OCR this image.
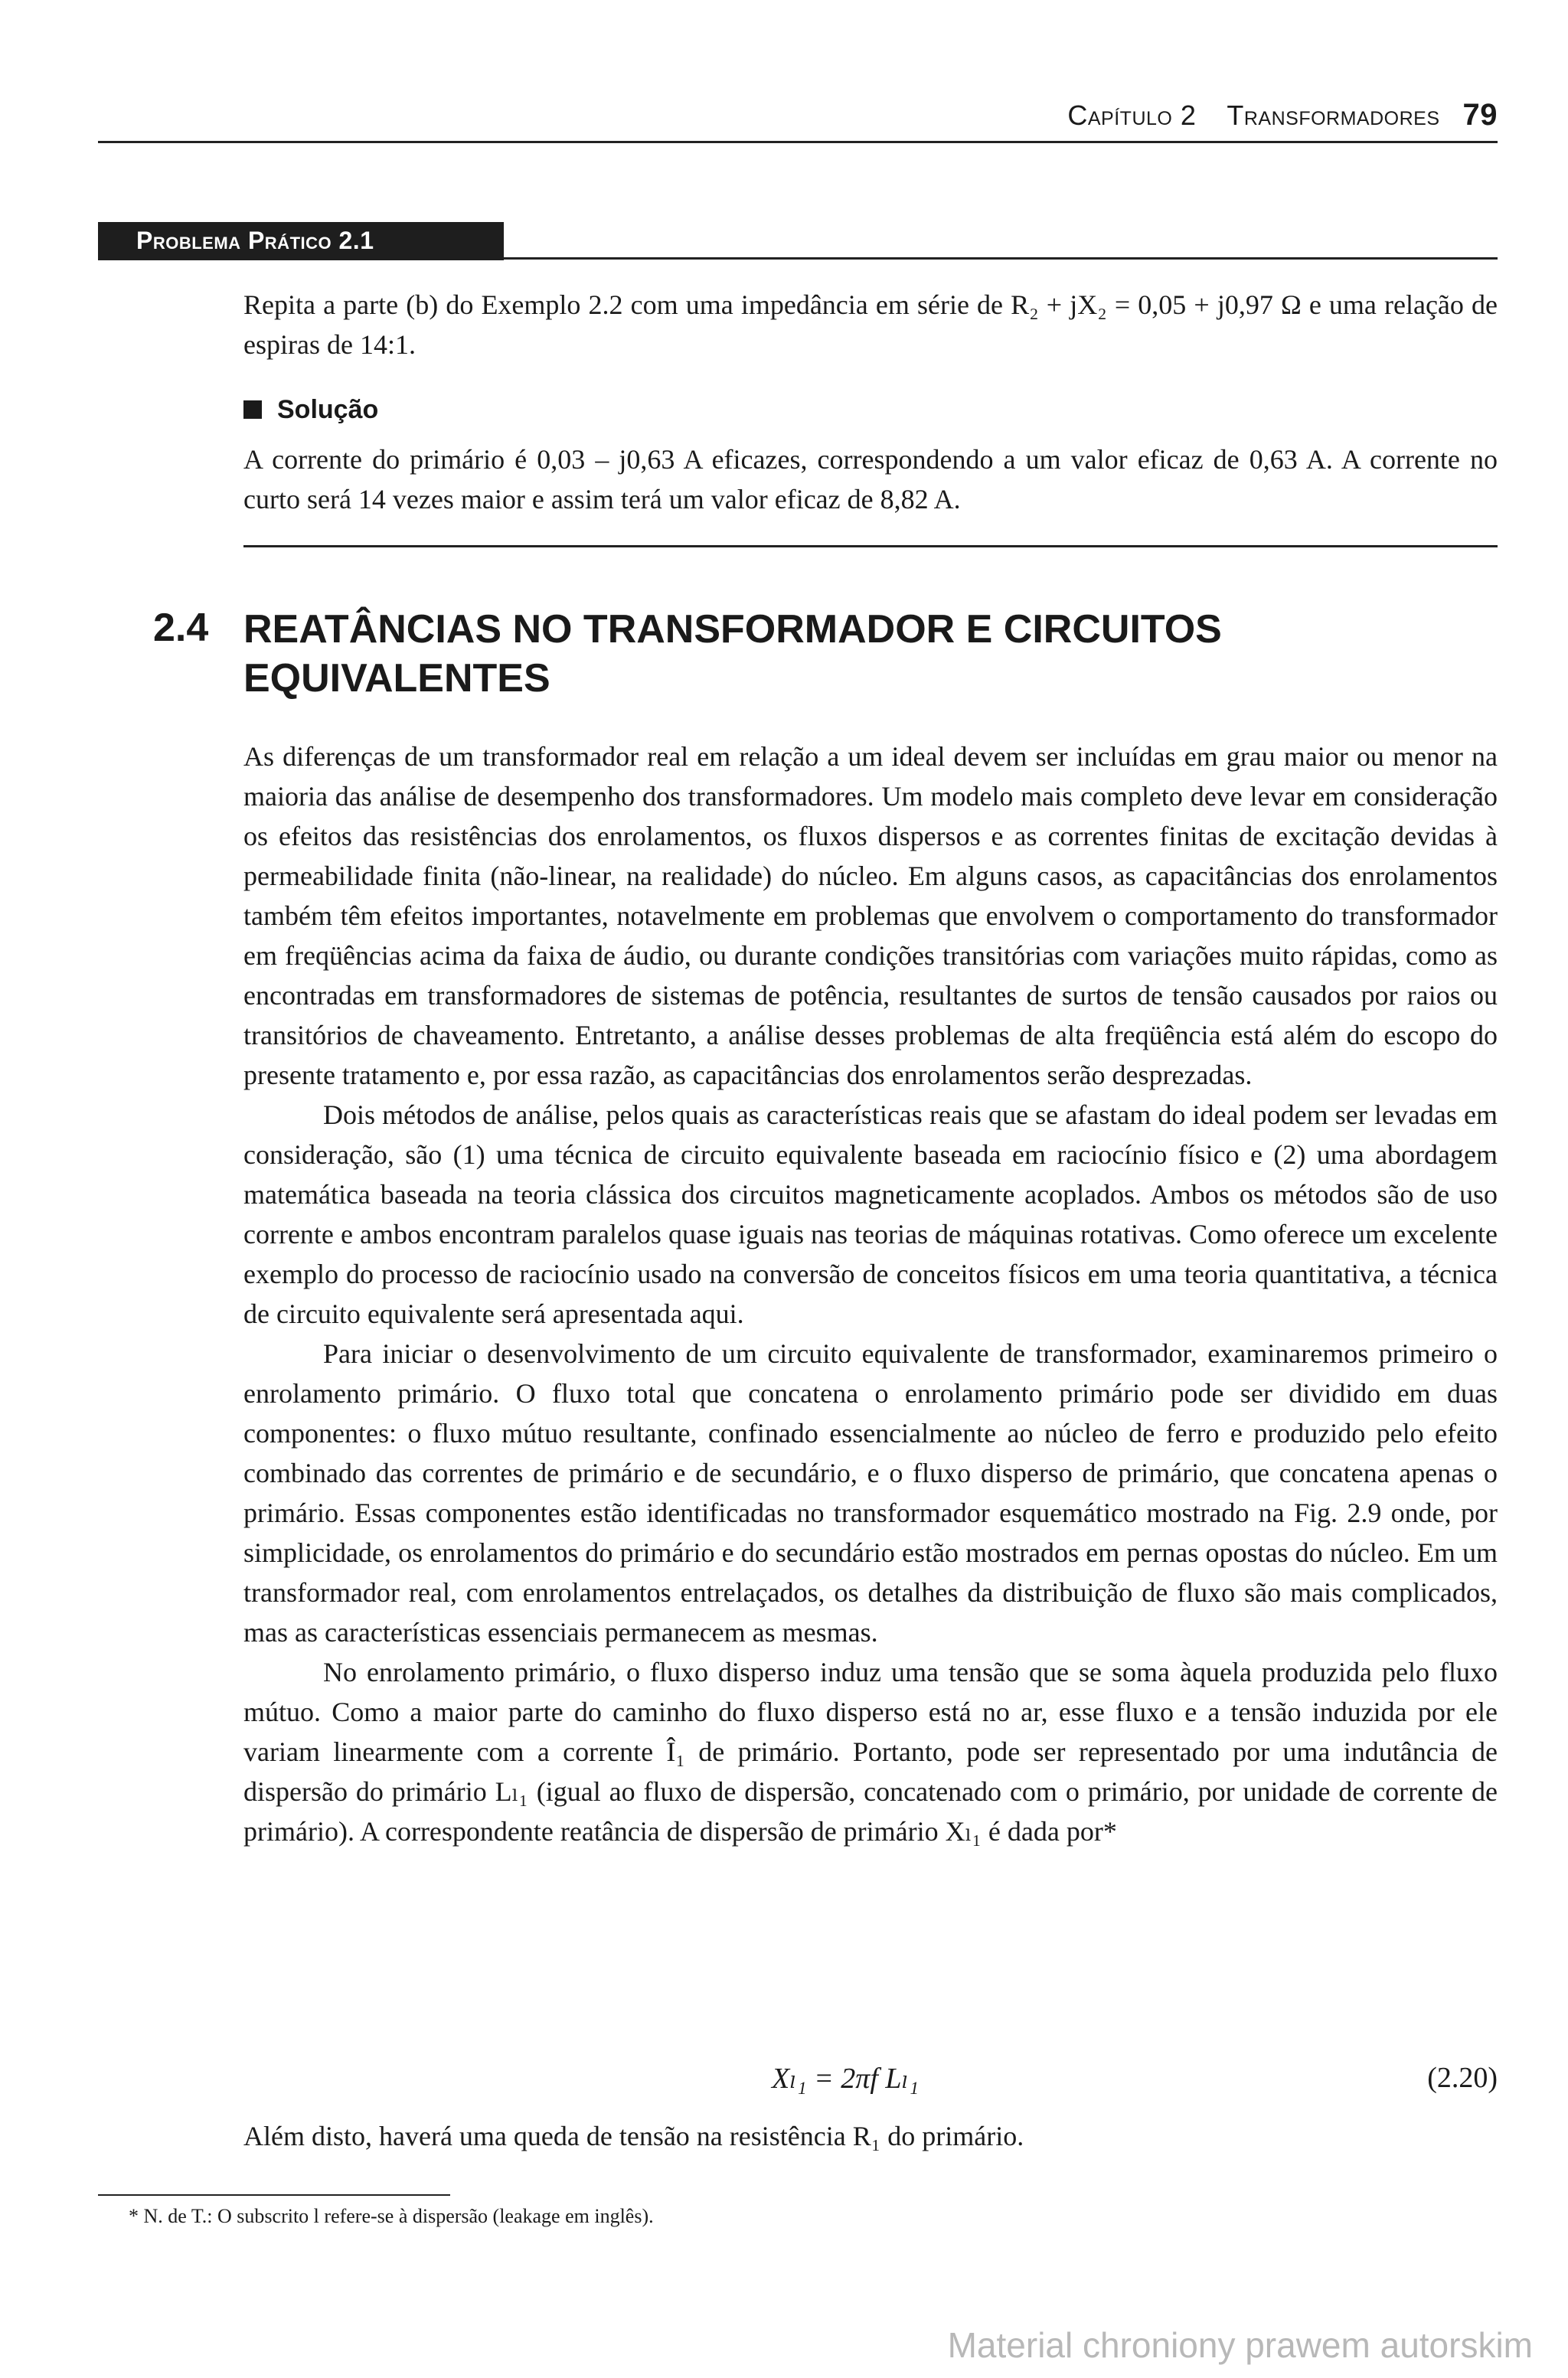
Capítulo 2 Transformadores 79
Problema Prático 2.1

Repita a parte (b) do Exemplo 2.2 com uma impedância em série de R₂ + jX₂ = 0,05 + j0,97 Ω e uma relação de espiras de 14:1.

Solução

A corrente do primário é 0,03 – j0,63 A eficazes, correspondendo a um valor eficaz de 0,63 A. A corrente no curto será 14 vezes maior e assim terá um valor eficaz de 8,82 A.

2.4 REATÂNCIAS NO TRANSFORMADOR E CIRCUITOS EQUIVALENTES

As diferenças de um transformador real em relação a um ideal devem ser incluídas em grau maior ou menor na maioria das análise de desempenho dos transformadores. Um modelo mais completo deve levar em consideração os efeitos das resistências dos enrolamentos, os fluxos dispersos e as correntes finitas de excitação devidas à permeabilidade finita (não-linear, na realidade) do núcleo. Em alguns casos, as capacitâncias dos enrolamentos também têm efeitos importantes, notavelmente em problemas que envolvem o comportamento do transformador em freqüências acima da faixa de áudio, ou durante condições transitórias com variações muito rápidas, como as encontradas em transformadores de sistemas de potência, resultantes de surtos de tensão causados por raios ou transitórios de chaveamento. Entretanto, a análise desses problemas de alta freqüência está além do escopo do presente tratamento e, por essa razão, as capacitâncias dos enrolamentos serão desprezadas.

Dois métodos de análise, pelos quais as características reais que se afastam do ideal podem ser levadas em consideração, são (1) uma técnica de circuito equivalente baseada em raciocínio físico e (2) uma abordagem matemática baseada na teoria clássica dos circuitos magneticamente acoplados. Ambos os métodos são de uso corrente e ambos encontram paralelos quase iguais nas teorias de máquinas rotativas. Como oferece um excelente exemplo do processo de raciocínio usado na conversão de conceitos físicos em uma teoria quantitativa, a técnica de circuito equivalente será apresentada aqui.

Para iniciar o desenvolvimento de um circuito equivalente de transformador, examinaremos primeiro o enrolamento primário. O fluxo total que concatena o enrolamento primário pode ser dividido em duas componentes: o fluxo mútuo resultante, confinado essencialmente ao núcleo de ferro e produzido pelo efeito combinado das correntes de primário e de secundário, e o fluxo disperso de primário, que concatena apenas o primário. Essas componentes estão identificadas no transformador esquemático mostrado na Fig. 2.9 onde, por simplicidade, os enrolamentos do primário e do secundário estão mostrados em pernas opostas do núcleo. Em um transformador real, com enrolamentos entrelaçados, os detalhes da distribuição de fluxo são mais complicados, mas as características essenciais permanecem as mesmas.

No enrolamento primário, o fluxo disperso induz uma tensão que se soma àquela produzida pelo fluxo mútuo. Como a maior parte do caminho do fluxo disperso está no ar, esse fluxo e a tensão induzida por ele variam linearmente com a corrente Î₁ de primário. Portanto, pode ser representado por uma indutância de dispersão do primário Lₗ₁ (igual ao fluxo de dispersão, concatenado com o primário, por unidade de corrente de primário). A correspondente reatância de dispersão de primário Xₗ₁ é dada por*

Xₗ₁ = 2πf Lₗ₁	(2.20)

Além disto, haverá uma queda de tensão na resistência R₁ do primário.

* N. de T.: O subscrito l refere-se à dispersão (leakage em inglês).
Material chroniony prawem autorskim
